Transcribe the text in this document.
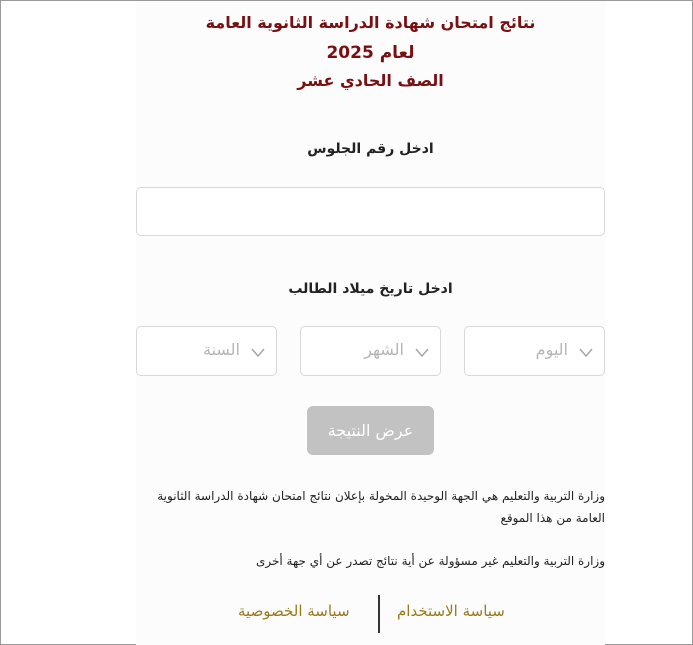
نتائج امتحان شهادة الدراسة الثانوية العامة
لعام 2025
الصف الحادي عشر
ادخل رقم الجلوس
ادخل تاريخ ميلاد الطالب
اليوم
الشهر
السنة
عرض النتيجة
وزارة التربية والتعليم هي الجهة الوحيدة المخولة بإعلان نتائج امتحان شهادة الدراسة الثانوية العامة من هذا الموقع
وزارة التربية والتعليم غير مسؤولة عن أية نتائج تصدر عن أي جهة أخرى
سياسة الاستخدام
سياسة الخصوصية
